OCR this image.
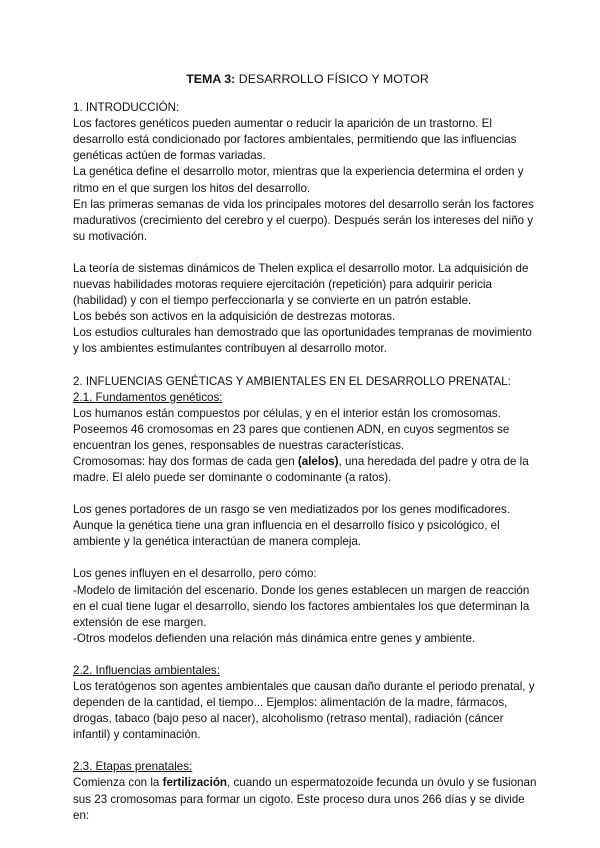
TEMA 3: DESARROLLO FÍSICO Y MOTOR

1. INTRODUCCIÓN:

Los factores genéticos pueden aumentar o reducir la aparición de un trastorno. El desarrollo está condicionado por factores ambientales, permitiendo que las influencias genéticas actúen de formas variadas.

La genética define el desarrollo motor, mientras que la experiencia determina el orden y ritmo en el que surgen los hitos del desarrollo.

En las primeras semanas de vida los principales motores del desarrollo serán los factores madurativos (crecimiento del cerebro y el cuerpo). Después serán los intereses del niño y su motivación.

La teoría de sistemas dinámicos de Thelen explica el desarrollo motor. La adquisición de nuevas habilidades motoras requiere ejercitación (repetición) para adquirir pericia (habilidad) y con el tiempo perfeccionarla y se convierte en un patrón estable.

Los bebés son activos en la adquisición de destrezas motoras.

Los estudios culturales han demostrado que las oportunidades tempranas de movimiento y los ambientes estimulantes contribuyen al desarrollo motor.

2. INFLUENCIAS GENÉTICAS Y AMBIENTALES EN EL DESARROLLO PRENATAL:

2.1. Fundamentos genéticos:

Los humanos están compuestos por células, y en el interior están los cromosomas.

Poseemos 46 cromosomas en 23 pares que contienen ADN, en cuyos segmentos se encuentran los genes, responsables de nuestras características.

Cromosomas: hay dos formas de cada gen (alelos), una heredada del padre y otra de la madre. El alelo puede ser dominante o codominante (a ratos).

Los genes portadores de un rasgo se ven mediatizados por los genes modificadores.

Aunque la genética tiene una gran influencia en el desarrollo físico y psicológico, el ambiente y la genética interactúan de manera compleja.

Los genes influyen en el desarrollo, pero cómo:

-Modelo de limitación del escenario. Donde los genes establecen un margen de reacción en el cual tiene lugar el desarrollo, siendo los factores ambientales los que determinan la extensión de ese margen.

-Otros modelos defienden una relación más dinámica entre genes y ambiente.

2.2. Influencias ambientales:

Los teratógenos son agentes ambientales que causan daño durante el periodo prenatal, y dependen de la cantidad, el tiempo... Ejemplos: alimentación de la madre, fármacos, drogas, tabaco (bajo peso al nacer), alcoholismo (retraso mental), radiación (cáncer infantil) y contaminación.

2.3. Etapas prenatales:

Comienza con la fertilización, cuando un espermatozoide fecunda un óvulo y se fusionan sus 23 cromosomas para formar un cigoto. Este proceso dura unos 266 días y se divide en:
